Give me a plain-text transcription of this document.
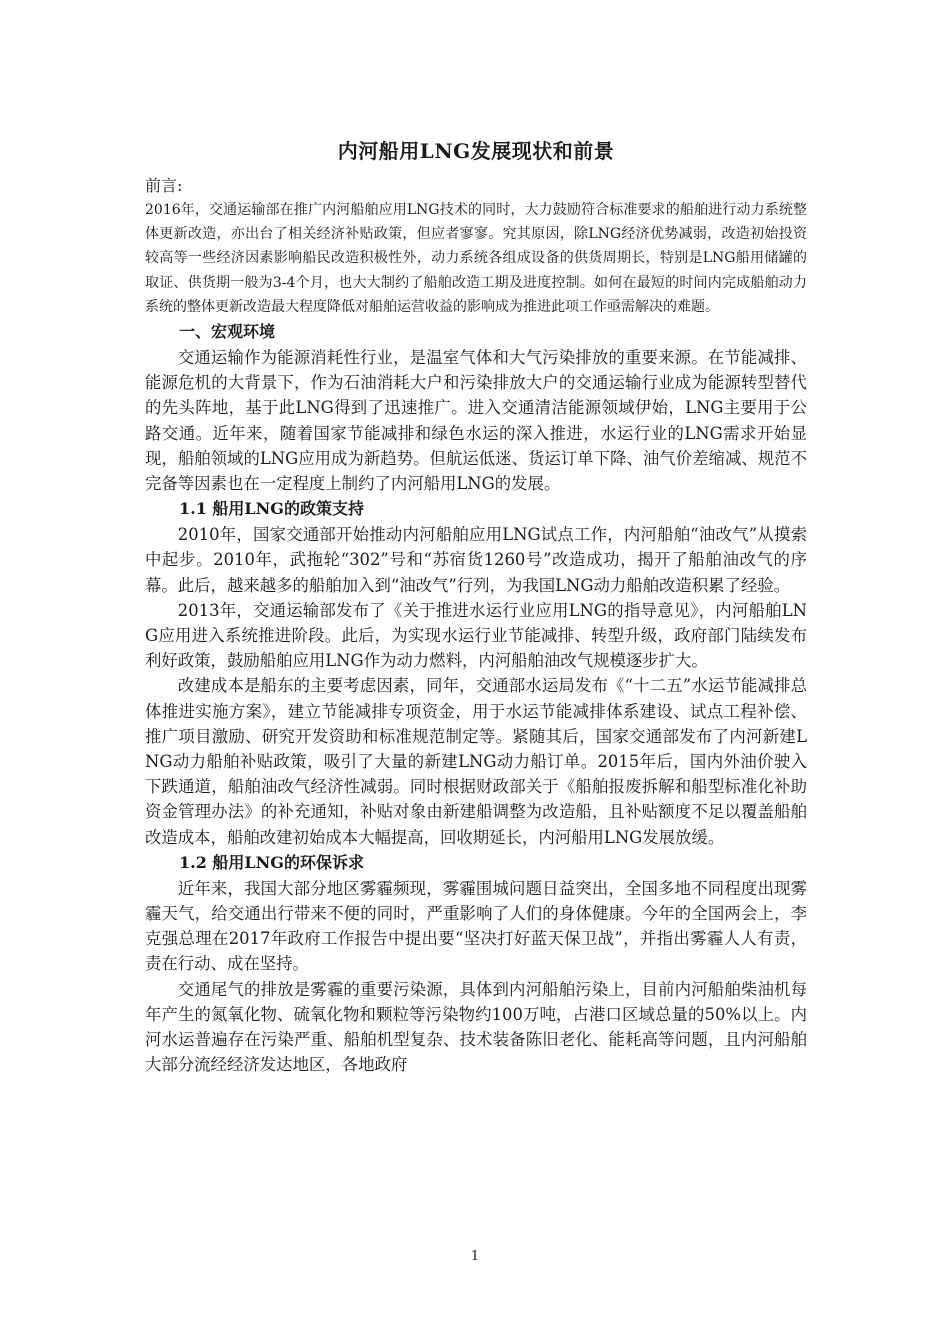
内河船用LNG发展现状和前景

前言:

2016年，交通运输部在推广内河船舶应用LNG技术的同时，大力鼓励符合标准要求的船舶进行动力系统整体更新改造，亦出台了相关经济补贴政策，但应者寥寥。究其原因，除LNG经济优势减弱，改造初始投资较高等一些经济因素影响船民改造积极性外，动力系统各组成设备的供货周期长，特别是LNG船用储罐的取证、供货期一般为3-4个月，也大大制约了船舶改造工期及进度控制。如何在最短的时间内完成船舶动力系统的整体更新改造最大程度降低对船舶运营收益的影响成为推进此项工作亟需解决的难题。

一、宏观环境

交通运输作为能源消耗性行业，是温室气体和大气污染排放的重要来源。在节能减排、能源危机的大背景下，作为石油消耗大户和污染排放大户的交通运输行业成为能源转型替代的先头阵地，基于此LNG得到了迅速推广。进入交通清洁能源领域伊始，LNG主要用于公路交通。近年来，随着国家节能减排和绿色水运的深入推进，水运行业的LNG需求开始显现，船舶领域的LNG应用成为新趋势。但航运低迷、货运订单下降、油气价差缩减、规范不完备等因素也在一定程度上制约了内河船用LNG的发展。

1.1 船用LNG的政策支持

2010年，国家交通部开始推动内河船舶应用LNG试点工作，内河船舶“油改气”从摸索中起步。2010年，武拖轮“302”号和“苏宿货1260号”改造成功，揭开了船舶油改气的序幕。此后，越来越多的船舶加入到“油改气”行列，为我国LNG动力船舶改造积累了经验。

2013年，交通运输部发布了《关于推进水运行业应用LNG的指导意见》，内河船舶LNG应用进入系统推进阶段。此后，为实现水运行业节能减排、转型升级，政府部门陆续发布利好政策，鼓励船舶应用LNG作为动力燃料，内河船舶油改气规模逐步扩大。

改建成本是船东的主要考虑因素，同年，交通部水运局发布《“十二五”水运节能减排总体推进实施方案》，建立节能减排专项资金，用于水运节能减排体系建设、试点工程补偿、推广项目激励、研究开发资助和标准规范制定等。紧随其后，国家交通部发布了内河新建LNG动力船舶补贴政策，吸引了大量的新建LNG动力船订单。2015年后，国内外油价驶入下跌通道，船舶油改气经济性减弱。同时根据财政部关于《船舶报废拆解和船型标准化补助资金管理办法》的补充通知，补贴对象由新建船调整为改造船，且补贴额度不足以覆盖船舶改造成本，船舶改建初始成本大幅提高，回收期延长，内河船用LNG发展放缓。

1.2 船用LNG的环保诉求

近年来，我国大部分地区雾霾频现，雾霾围城问题日益突出，全国多地不同程度出现雾霾天气，给交通出行带来不便的同时，严重影响了人们的身体健康。今年的全国两会上，李克强总理在2017年政府工作报告中提出要“坚决打好蓝天保卫战”，并指出雾霾人人有责，责在行动、成在坚持。

交通尾气的排放是雾霾的重要污染源，具体到内河船舶污染上，目前内河船舶柴油机每年产生的氮氧化物、硫氧化物和颗粒等污染物约100万吨，占港口区域总量的50%以上。内河水运普遍存在污染严重、船舶机型复杂、技术装备陈旧老化、能耗高等问题，且内河船舶大部分流经经济发达地区，各地政府

1
